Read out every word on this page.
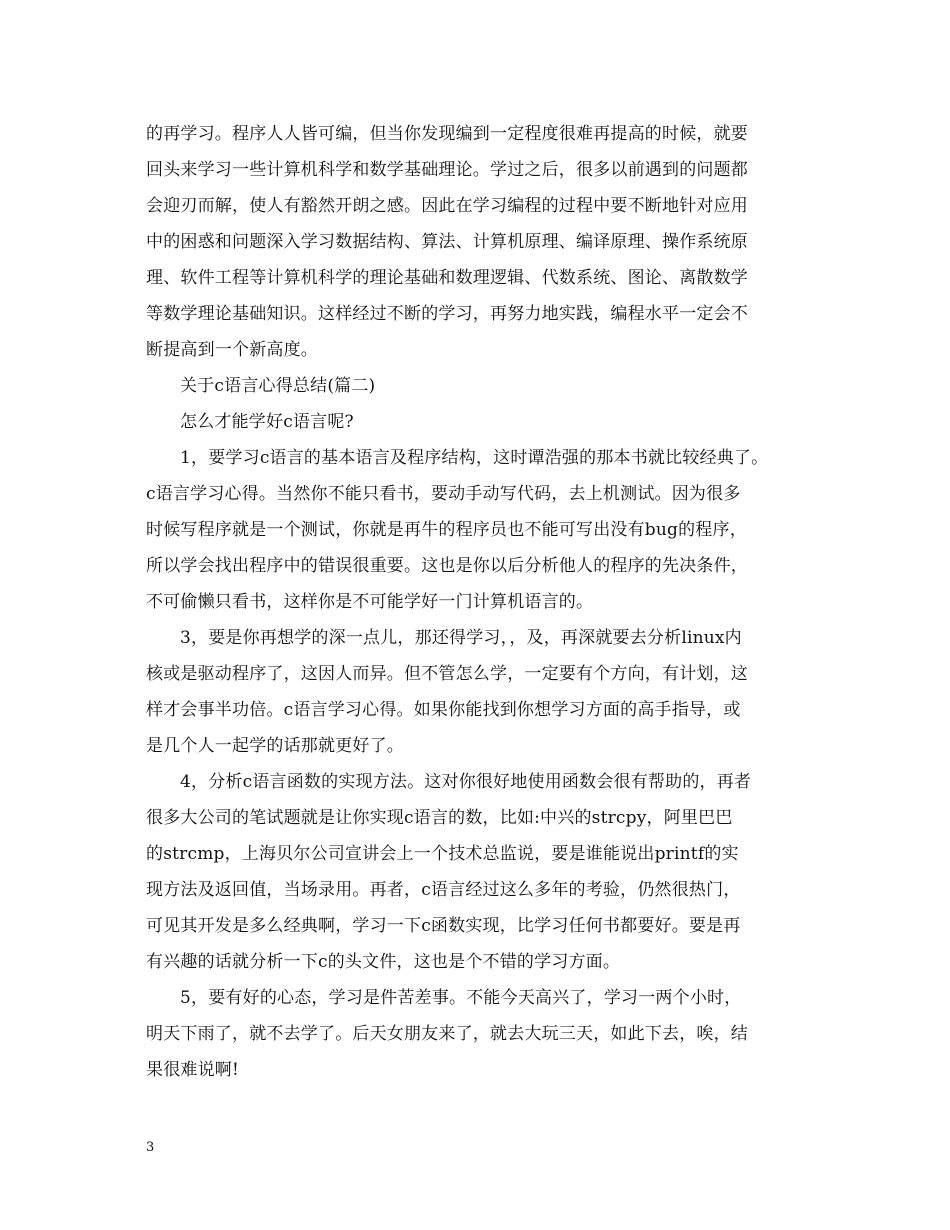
的再学习。程序人人皆可编，但当你发现编到一定程度很难再提高的时候，就要
回头来学习一些计算机科学和数学基础理论。学过之后，很多以前遇到的问题都
会迎刃而解，使人有豁然开朗之感。因此在学习编程的过程中要不断地针对应用
中的困惑和问题深入学习数据结构、算法、计算机原理、编译原理、操作系统原
理、软件工程等计算机科学的理论基础和数理逻辑、代数系统、图论、离散数学
等数学理论基础知识。这样经过不断的学习，再努力地实践，编程水平一定会不
断提高到一个新高度。
关于c语言心得总结(篇二)
怎么才能学好c语言呢?
1，要学习c语言的基本语言及程序结构，这时谭浩强的那本书就比较经典了。
c语言学习心得。当然你不能只看书，要动手动写代码，去上机测试。因为很多
时候写程序就是一个测试，你就是再牛的程序员也不能可写出没有bug的程序，
所以学会找出程序中的错误很重要。这也是你以后分析他人的程序的先决条件，
不可偷懒只看书，这样你是不可能学好一门计算机语言的。
3，要是你再想学的深一点儿，那还得学习，，及，再深就要去分析linux内
核或是驱动程序了，这因人而异。但不管怎么学，一定要有个方向，有计划，这
样才会事半功倍。c语言学习心得。如果你能找到你想学习方面的高手指导，或
是几个人一起学的话那就更好了。
4，分析c语言函数的实现方法。这对你很好地使用函数会很有帮助的，再者
很多大公司的笔试题就是让你实现c语言的数，比如:中兴的strcpy，阿里巴巴
的strcmp，上海贝尔公司宣讲会上一个技术总监说，要是谁能说出printf的实
现方法及返回值，当场录用。再者，c语言经过这么多年的考验，仍然很热门，
可见其开发是多么经典啊，学习一下c函数实现，比学习任何书都要好。要是再
有兴趣的话就分析一下c的头文件，这也是个不错的学习方面。
5，要有好的心态，学习是件苦差事。不能今天高兴了，学习一两个小时，
明天下雨了，就不去学了。后天女朋友来了，就去大玩三天，如此下去，唉，结
果很难说啊!
3
